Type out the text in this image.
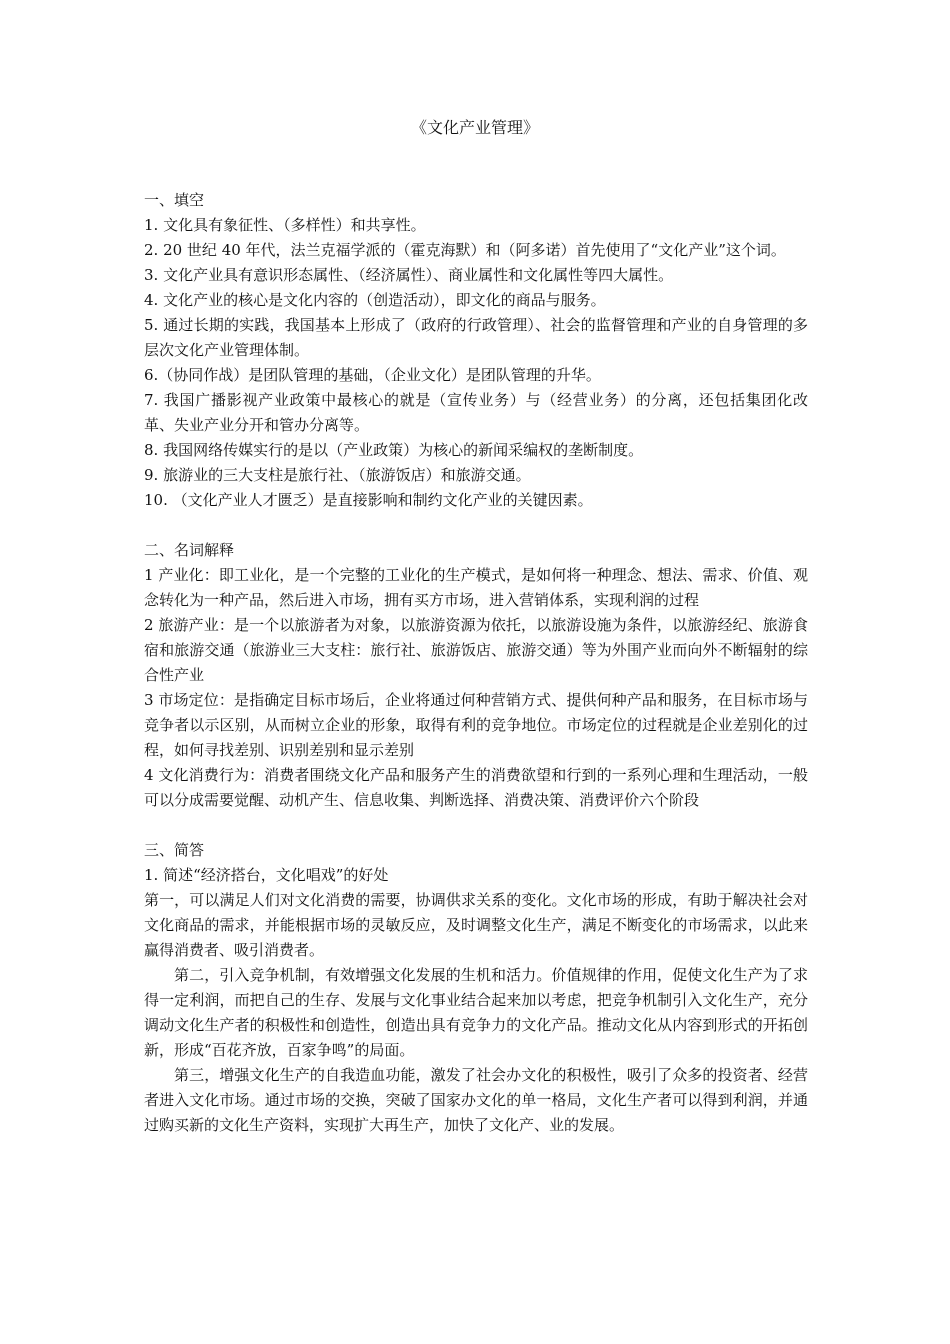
《文化产业管理》

一、填空

1. 文化具有象征性、（多样性）和共享性。

2. 20 世纪 40 年代，法兰克福学派的（霍克海默）和（阿多诺）首先使用了“文化产业”这个词。

3. 文化产业具有意识形态属性、（经济属性）、商业属性和文化属性等四大属性。

4. 文化产业的核心是文化内容的（创造活动），即文化的商品与服务。

5. 通过长期的实践，我国基本上形成了（政府的行政管理）、社会的监督管理和产业的自身管理的多层次文化产业管理体制。

6.（协同作战）是团队管理的基础，（企业文化）是团队管理的升华。

7. 我国广播影视产业政策中最核心的就是（宣传业务）与（经营业务）的分离，还包括集团化改革、失业产业分开和管办分离等。

8. 我国网络传媒实行的是以（产业政策）为核心的新闻采编权的垄断制度。

9. 旅游业的三大支柱是旅行社、（旅游饭店）和旅游交通。

10. （文化产业人才匮乏）是直接影响和制约文化产业的关键因素。

二、名词解释

1 产业化：即工业化，是一个完整的工业化的生产模式，是如何将一种理念、想法、需求、价值、观念转化为一种产品，然后进入市场，拥有买方市场，进入营销体系，实现利润的过程

2 旅游产业：是一个以旅游者为对象，以旅游资源为依托，以旅游设施为条件，以旅游经纪、旅游食宿和旅游交通（旅游业三大支柱：旅行社、旅游饭店、旅游交通）等为外围产业而向外不断辐射的综合性产业

3 市场定位：是指确定目标市场后，企业将通过何种营销方式、提供何种产品和服务，在目标市场与竞争者以示区别，从而树立企业的形象，取得有利的竞争地位。市场定位的过程就是企业差别化的过程，如何寻找差别、识别差别和显示差别

4 文化消费行为：消费者围绕文化产品和服务产生的消费欲望和行到的一系列心理和生理活动，一般可以分成需要觉醒、动机产生、信息收集、判断选择、消费决策、消费评价六个阶段

三、简答

1. 简述“经济搭台，文化唱戏”的好处

第一，可以满足人们对文化消费的需要，协调供求关系的变化。文化市场的形成，有助于解决社会对文化商品的需求，并能根据市场的灵敏反应，及时调整文化生产，满足不断变化的市场需求，以此来赢得消费者、吸引消费者。

第二，引入竞争机制，有效增强文化发展的生机和活力。价值规律的作用，促使文化生产为了求得一定利润，而把自己的生存、发展与文化事业结合起来加以考虑，把竞争机制引入文化生产，充分调动文化生产者的积极性和创造性，创造出具有竞争力的文化产品。推动文化从内容到形式的开拓创新，形成“百花齐放，百家争鸣”的局面。

第三，增强文化生产的自我造血功能，激发了社会办文化的积极性，吸引了众多的投资者、经营者进入文化市场。通过市场的交换，突破了国家办文化的单一格局，文化生产者可以得到利润，并通过购买新的文化生产资料，实现扩大再生产，加快了文化产、业的发展。
